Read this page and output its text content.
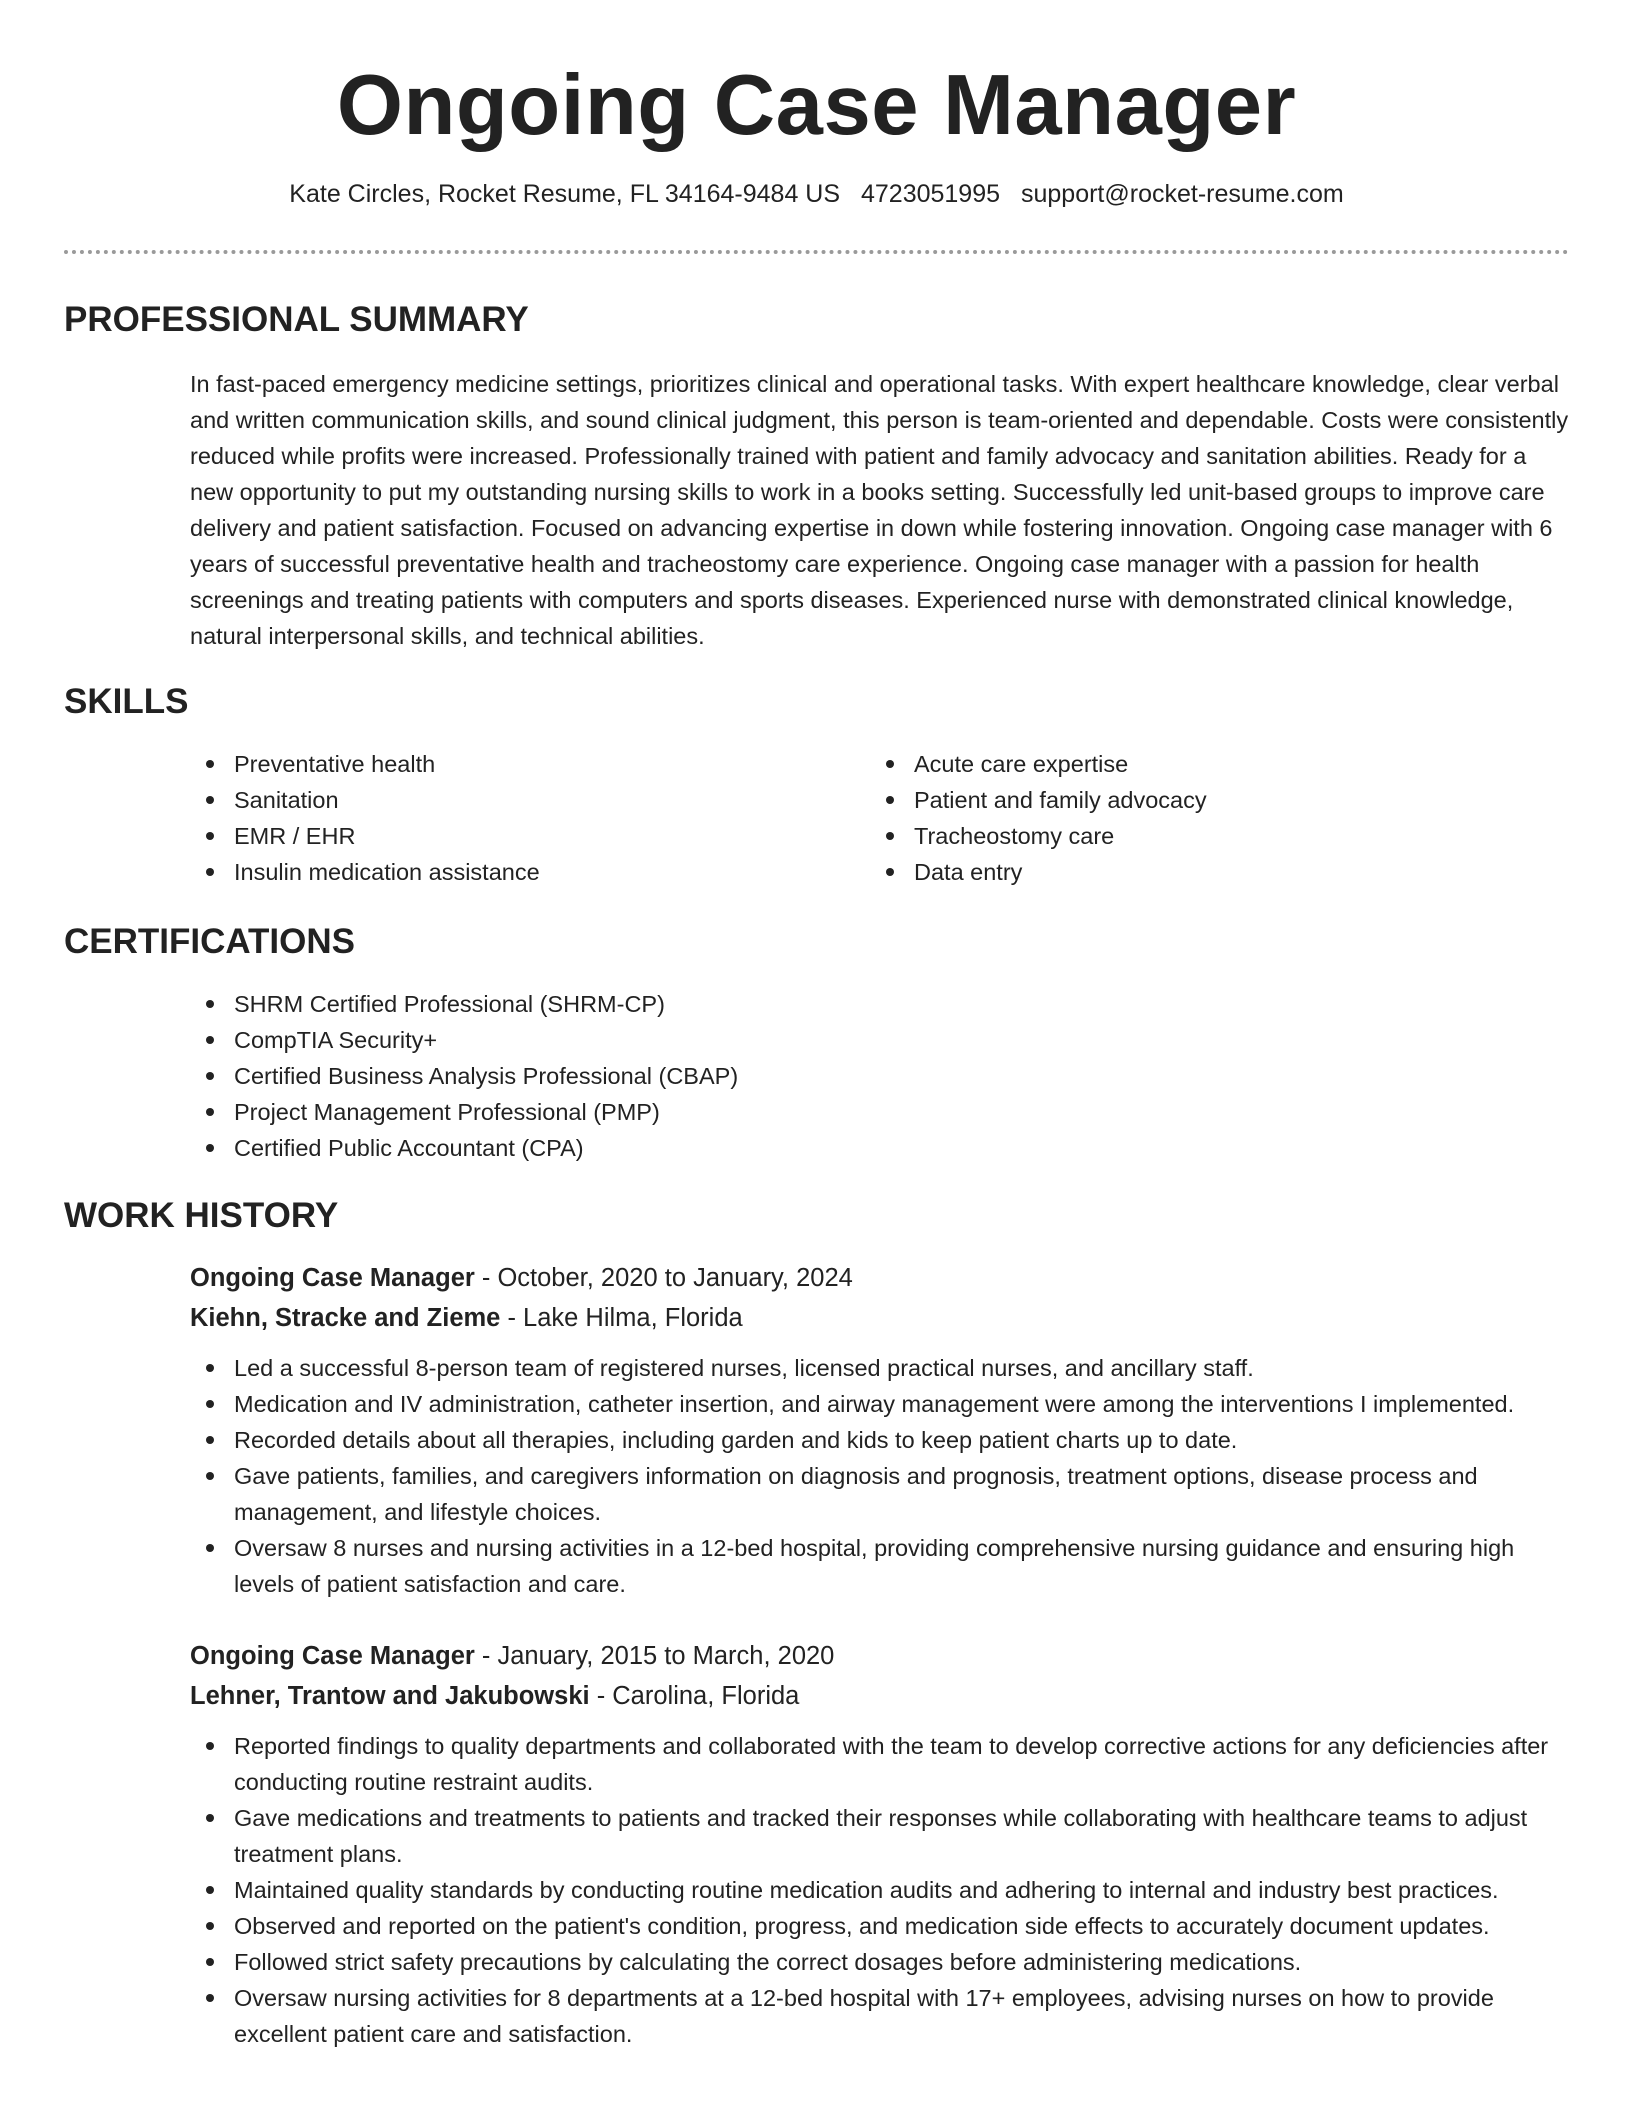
Ongoing Case Manager
Kate Circles, Rocket Resume, FL 34164-9484 US 4723051995 support@rocket-resume.com
PROFESSIONAL SUMMARY
In fast-paced emergency medicine settings, prioritizes clinical and operational tasks. With expert healthcare knowledge, clear verbal and written communication skills, and sound clinical judgment, this person is team-oriented and dependable. Costs were consistently reduced while profits were increased. Professionally trained with patient and family advocacy and sanitation abilities. Ready for a new opportunity to put my outstanding nursing skills to work in a books setting. Successfully led unit-based groups to improve care delivery and patient satisfaction. Focused on advancing expertise in down while fostering innovation. Ongoing case manager with 6 years of successful preventative health and tracheostomy care experience. Ongoing case manager with a passion for health screenings and treating patients with computers and sports diseases. Experienced nurse with demonstrated clinical knowledge, natural interpersonal skills, and technical abilities.
SKILLS
Preventative health
Sanitation
EMR / EHR
Insulin medication assistance
Acute care expertise
Patient and family advocacy
Tracheostomy care
Data entry
CERTIFICATIONS
SHRM Certified Professional (SHRM-CP)
CompTIA Security+
Certified Business Analysis Professional (CBAP)
Project Management Professional (PMP)
Certified Public Accountant (CPA)
WORK HISTORY
Ongoing Case Manager - October, 2020 to January, 2024
Kiehn, Stracke and Zieme - Lake Hilma, Florida
Led a successful 8-person team of registered nurses, licensed practical nurses, and ancillary staff.
Medication and IV administration, catheter insertion, and airway management were among the interventions I implemented.
Recorded details about all therapies, including garden and kids to keep patient charts up to date.
Gave patients, families, and caregivers information on diagnosis and prognosis, treatment options, disease process and management, and lifestyle choices.
Oversaw 8 nurses and nursing activities in a 12-bed hospital, providing comprehensive nursing guidance and ensuring high levels of patient satisfaction and care.
Ongoing Case Manager - January, 2015 to March, 2020
Lehner, Trantow and Jakubowski - Carolina, Florida
Reported findings to quality departments and collaborated with the team to develop corrective actions for any deficiencies after conducting routine restraint audits.
Gave medications and treatments to patients and tracked their responses while collaborating with healthcare teams to adjust treatment plans.
Maintained quality standards by conducting routine medication audits and adhering to internal and industry best practices.
Observed and reported on the patient's condition, progress, and medication side effects to accurately document updates.
Followed strict safety precautions by calculating the correct dosages before administering medications.
Oversaw nursing activities for 8 departments at a 12-bed hospital with 17+ employees, advising nurses on how to provide excellent patient care and satisfaction.
